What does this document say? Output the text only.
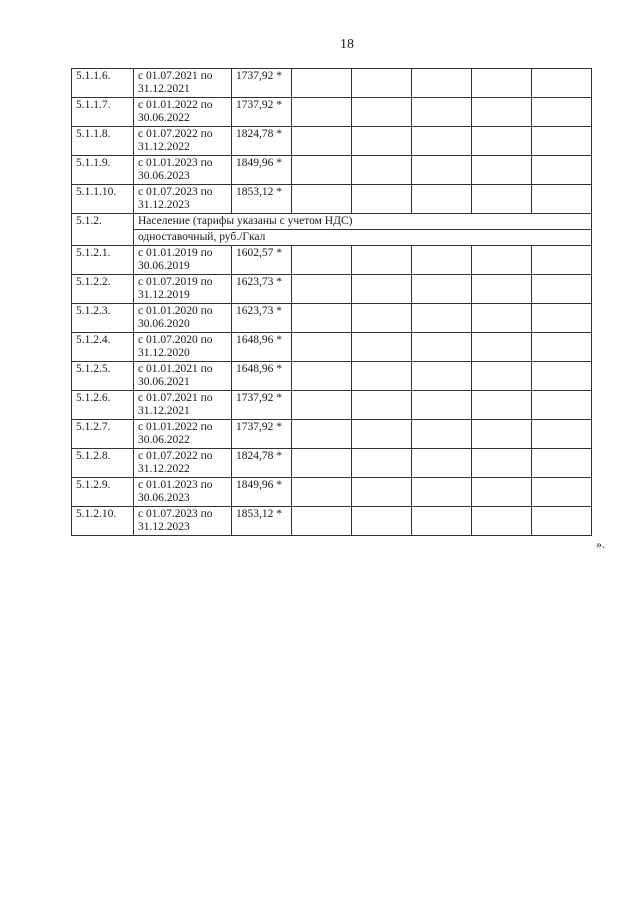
18
5.1.1.6.	с 01.07.2021 по 31.12.2021	1737,92 *					
5.1.1.7.	с 01.01.2022 по 30.06.2022	1737,92 *					
5.1.1.8.	с 01.07.2022 по 31.12.2022	1824,78 *					
5.1.1.9.	с 01.01.2023 по 30.06.2023	1849,96 *					
5.1.1.10.	с 01.07.2023 по 31.12.2023	1853,12 *					
5.1.2.	Население (тарифы указаны с учетом НДС)						
	одноставочный, руб./Гкал						
5.1.2.1.	с 01.01.2019 по 30.06.2019	1602,57 *					
5.1.2.2.	с 01.07.2019 по 31.12.2019	1623,73 *					
5.1.2.3.	с 01.01.2020 по 30.06.2020	1623,73 *					
5.1.2.4.	с 01.07.2020 по 31.12.2020	1648,96 *					
5.1.2.5.	с 01.01.2021 по 30.06.2021	1648,96 *					
5.1.2.6.	с 01.07.2021 по 31.12.2021	1737,92 *					
5.1.2.7.	с 01.01.2022 по 30.06.2022	1737,92 *					
5.1.2.8.	с 01.07.2022 по 31.12.2022	1824,78 *					
5.1.2.9.	с 01.01.2023 по 30.06.2023	1849,96 *					
5.1.2.10.	с 01.07.2023 по 31.12.2023	1853,12 *					
».
